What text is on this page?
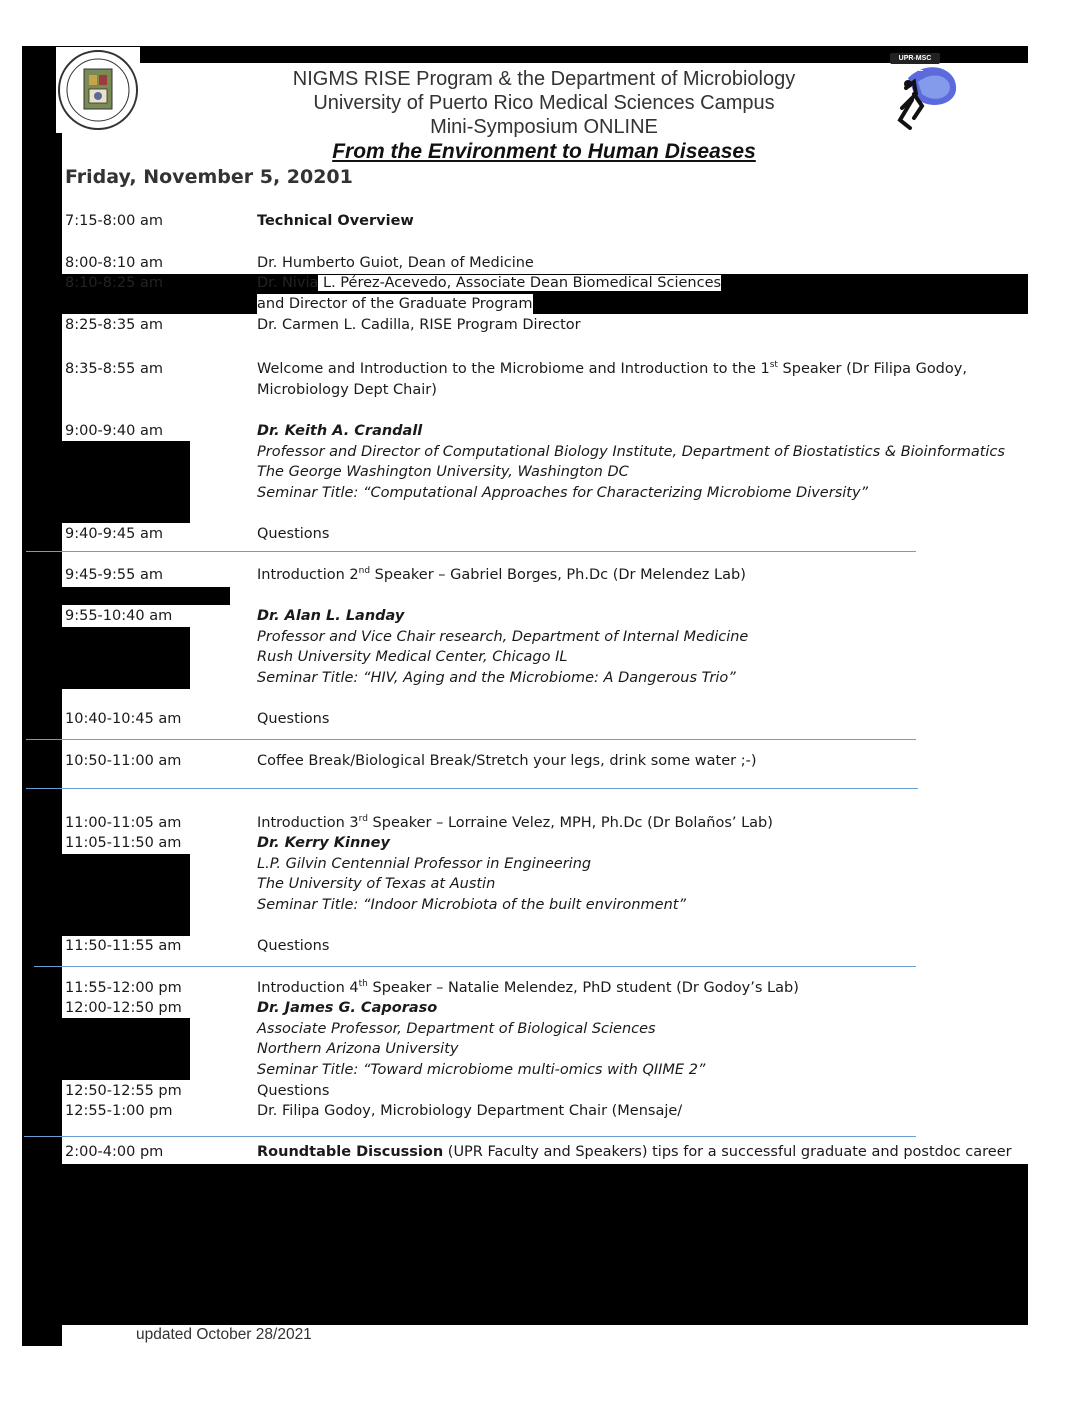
UPR-MSC RISE
NIGMS RISE Program & the Department of Microbiology
University of Puerto Rico Medical Sciences Campus
Mini-Symposium ONLINE
From the Environment to Human Diseases
Friday, November 5, 20201
7:15-8:00 am	Technical Overview
8:00-8:10 am	Dr. Humberto Guiot, Dean of Medicine
8:10-8:25 am	Dr. Nivia L. Pérez-Acevedo, Associate Dean Biomedical Sciences
and Director of the Graduate Program
8:25-8:35 am	Dr. Carmen L. Cadilla, RISE Program Director
8:35-8:55 am	Welcome and Introduction to the Microbiome and Introduction to the 1st Speaker (Dr Filipa Godoy,
Microbiology Dept Chair)
9:00-9:40 am	Dr. Keith A. Crandall
Professor and Director of Computational Biology Institute, Department of Biostatistics & Bioinformatics
The George Washington University, Washington DC
Seminar Title: “Computational Approaches for Characterizing Microbiome Diversity”
9:40-9:45 am	Questions
9:45-9:55 am	Introduction 2nd Speaker – Gabriel Borges, Ph.Dc (Dr Melendez Lab)
9:55-10:40 am	Dr. Alan L. Landay
Professor and Vice Chair research, Department of Internal Medicine
Rush University Medical Center, Chicago IL
Seminar Title: “HIV, Aging and the Microbiome: A Dangerous Trio”
10:40-10:45 am	Questions
10:50-11:00 am	Coffee Break/Biological Break/Stretch your legs, drink some water ;-)
11:00-11:05 am	Introduction 3rd Speaker – Lorraine Velez, MPH, Ph.Dc (Dr Bolaños’ Lab)
11:05-11:50 am	Dr. Kerry Kinney
L.P. Gilvin Centennial Professor in Engineering
The University of Texas at Austin
Seminar Title: “Indoor Microbiota of the built environment”
11:50-11:55 am	Questions
11:55-12:00 pm	Introduction 4th Speaker – Natalie Melendez, PhD student (Dr Godoy’s Lab)
12:00-12:50 pm	Dr. James G. Caporaso
Associate Professor, Department of Biological Sciences
Northern Arizona University
Seminar Title: “Toward microbiome multi-omics with QIIME 2”
12:50-12:55 pm	Questions
12:55-1:00 pm	Dr. Filipa Godoy, Microbiology Department Chair (Mensaje/
2:00-4:00 pm	Roundtable Discussion (UPR Faculty and Speakers) tips for a successful graduate and postdoc career
updated October 28/2021
